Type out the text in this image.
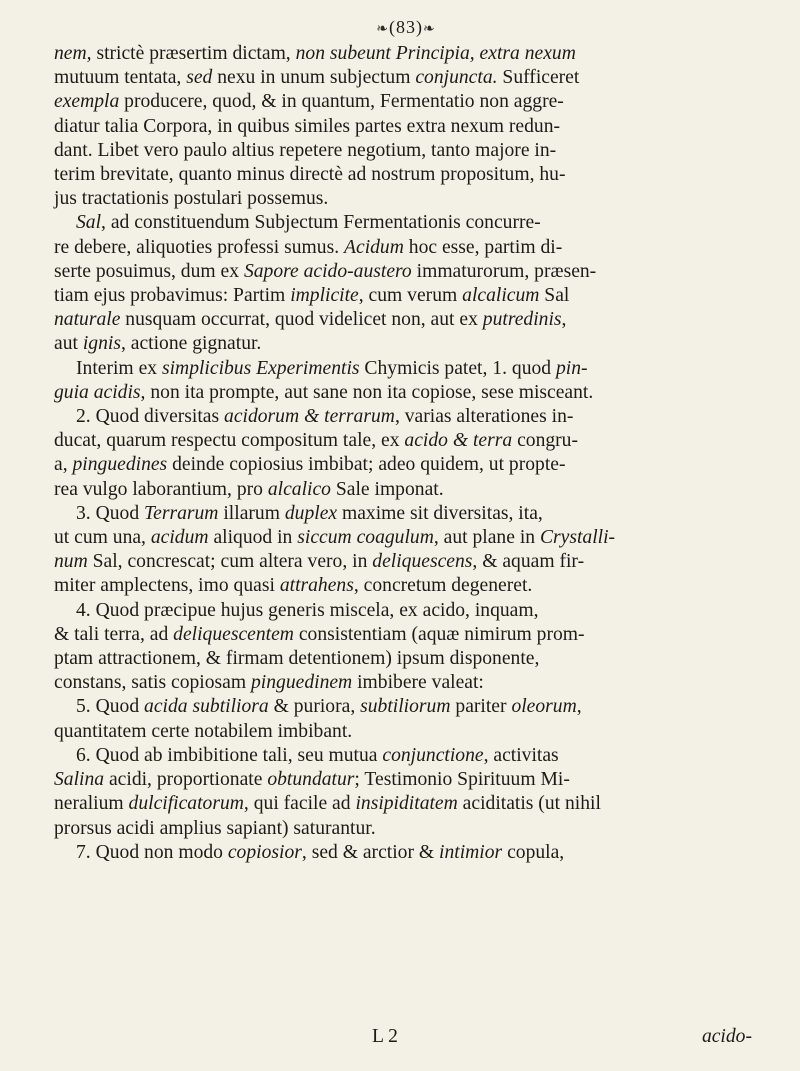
❧(83)❧

nem, strictè præsertim dictam, non subeunt Principia, extra nexum

mutuum tentata, sed nexu in unum subjectum conjuncta. Sufficeret

exempla producere, quod, & in quantum, Fermentatio non aggre-

diatur talia Corpora, in quibus similes partes extra nexum redun-

dant. Libet vero paulo altius repetere negotium, tanto majore in-

terim brevitate, quanto minus directè ad nostrum propositum, hu-

jus tractationis postulari possemus.

Sal, ad constituendum Subjectum Fermentationis concurre-

re debere, aliquoties professi sumus. Acidum hoc esse, partim di-

serte posuimus, dum ex Sapore acido-austero immaturorum, præsen-

tiam ejus probavimus: Partim implicite, cum verum alcalicum Sal

naturale nusquam occurrat, quod videlicet non, aut ex putredinis,

aut ignis, actione gignatur.

Interim ex simplicibus Experimentis Chymicis patet, 1. quod pin-

guia acidis, non ita prompte, aut sane non ita copiose, sese misceant.

2. Quod diversitas acidorum & terrarum, varias alterationes in-

ducat, quarum respectu compositum tale, ex acido & terra congru-

a, pinguedines deinde copiosius imbibat; adeo quidem, ut propte-

rea vulgo laborantium, pro alcalico Sale imponat.

3. Quod Terrarum illarum duplex maxime sit diversitas, ita,

ut cum una, acidum aliquod in siccum coagulum, aut plane in Crystalli-

num Sal, concrescat; cum altera vero, in deliquescens, & aquam fir-

miter amplectens, imo quasi attrahens, concretum degeneret.

4. Quod præcipue hujus generis miscela, ex acido, inquam,

& tali terra, ad deliquescentem consistentiam (aquæ nimirum prom-

ptam attractionem, & firmam detentionem) ipsum disponente,

constans, satis copiosam pinguedinem imbibere valeat:

5. Quod acida subtiliora & puriora, subtiliorum pariter oleorum,

quantitatem certe notabilem imbibant.

6. Quod ab imbibitione tali, seu mutua conjunctione, activitas

Salina acidi, proportionate obtundatur; Testimonio Spirituum Mi-

neralium dulcificatorum, qui facile ad insipiditatem aciditatis (ut nihil

prorsus acidi amplius sapiant) saturantur.

7. Quod non modo copiosior, sed & arctior & intimior copula,

L 2	acido-
